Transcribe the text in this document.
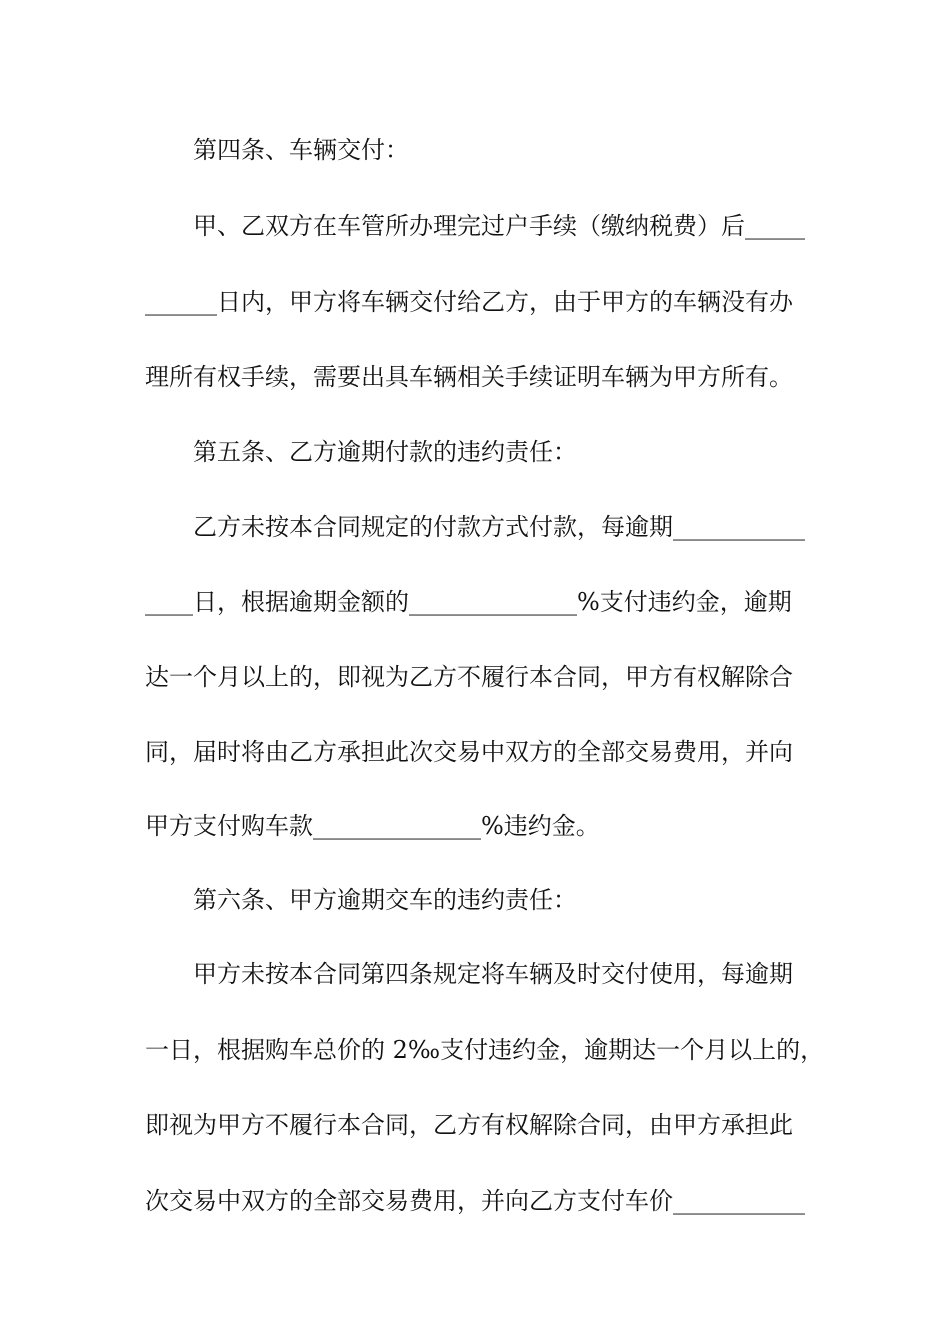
第四条、车辆交付：
甲、乙双方在车管所办理完过户手续（缴纳税费）后_____
______日内，甲方将车辆交付给乙方，由于甲方的车辆没有办
理所有权手续，需要出具车辆相关手续证明车辆为甲方所有。
第五条、乙方逾期付款的违约责任：
乙方未按本合同规定的付款方式付款，每逾期___________
____日，根据逾期金额的______________%支付违约金，逾期
达一个月以上的，即视为乙方不履行本合同，甲方有权解除合
同，届时将由乙方承担此次交易中双方的全部交易费用，并向
甲方支付购车款______________%违约金。
第六条、甲方逾期交车的违约责任：
甲方未按本合同第四条规定将车辆及时交付使用，每逾期
一日，根据购车总价的 2‰支付违约金，逾期达一个月以上的，
即视为甲方不履行本合同，乙方有权解除合同，由甲方承担此
次交易中双方的全部交易费用，并向乙方支付车价___________
